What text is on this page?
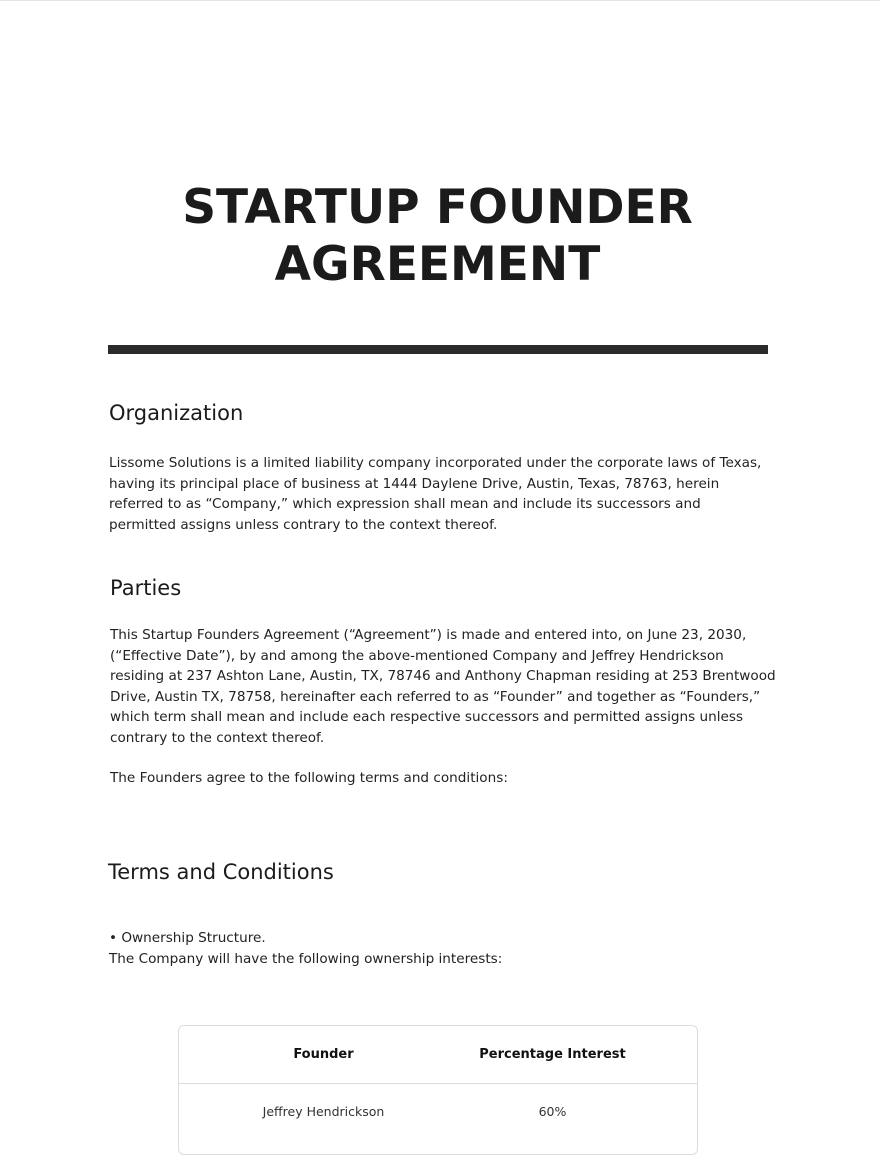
STARTUP FOUNDER
AGREEMENT
Organization

Lissome Solutions is a limited liability company incorporated under the corporate laws of Texas, having its principal place of business at 1444 Daylene Drive, Austin, Texas, 78763, herein referred to as “Company,” which expression shall mean and include its successors and permitted assigns unless contrary to the context thereof.

Parties

This Startup Founders Agreement (“Agreement”) is made and entered into, on June 23, 2030, (“Effective Date”), by and among the above-mentioned Company and Jeffrey Hendrickson residing at 237 Ashton Lane, Austin, TX, 78746 and Anthony Chapman residing at 253 Brentwood Drive, Austin TX, 78758, hereinafter each referred to as “Founder” and together as “Founders,” which term shall mean and include each respective successors and permitted assigns unless contrary to the context thereof.

The Founders agree to the following terms and conditions:

Terms and Conditions

• Ownership Structure.

The Company will have the following ownership interests:

Founder	Percentage Interest
Jeffrey Hendrickson	60%
